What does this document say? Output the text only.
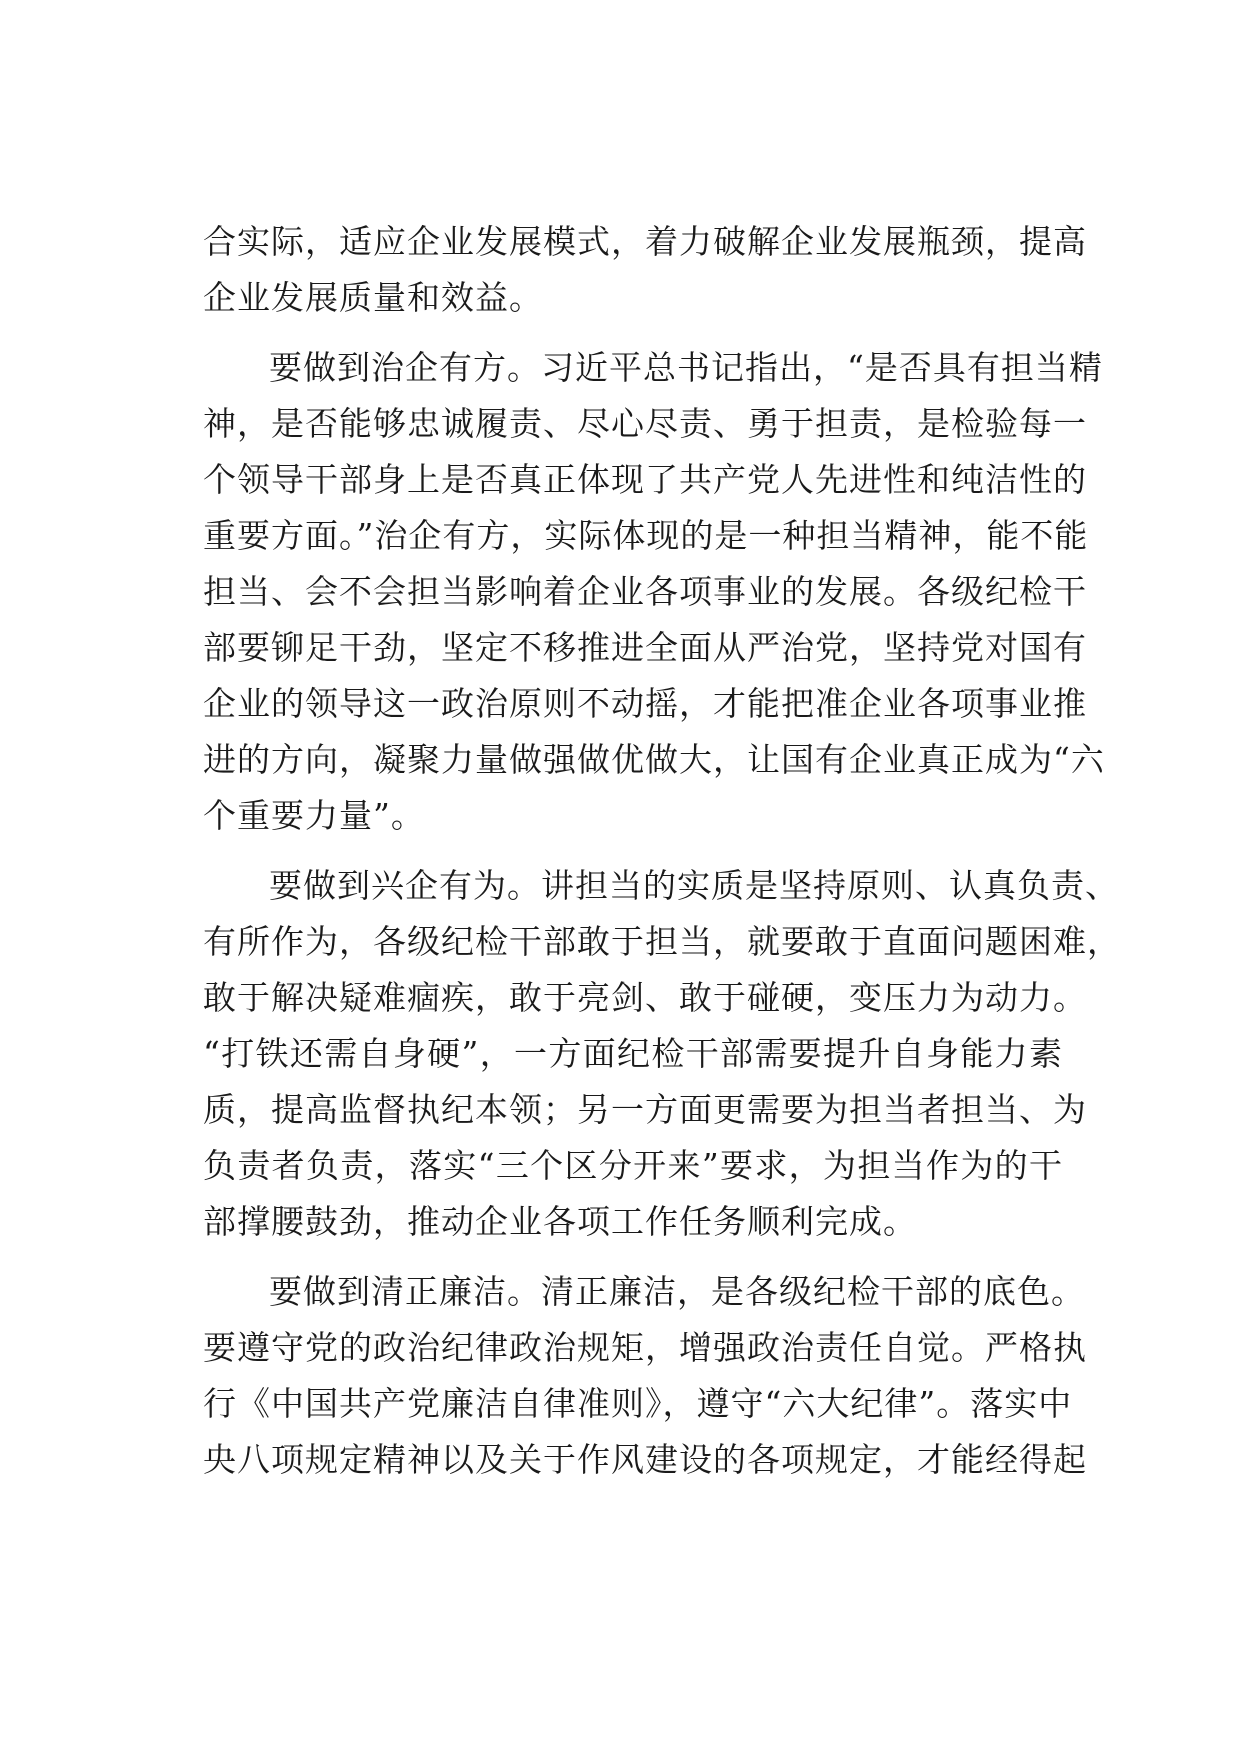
合实际，适应企业发展模式，着力破解企业发展瓶颈，提高
企业发展质量和效益。
要做到治企有方。习近平总书记指出，“是否具有担当精
神，是否能够忠诚履责、尽心尽责、勇于担责，是检验每一
个领导干部身上是否真正体现了共产党人先进性和纯洁性的
重要方面。”治企有方，实际体现的是一种担当精神，能不能
担当、会不会担当影响着企业各项事业的发展。各级纪检干
部要铆足干劲，坚定不移推进全面从严治党，坚持党对国有
企业的领导这一政治原则不动摇，才能把准企业各项事业推
进的方向，凝聚力量做强做优做大，让国有企业真正成为“六
个重要力量”。
要做到兴企有为。讲担当的实质是坚持原则、认真负责、
有所作为，各级纪检干部敢于担当，就要敢于直面问题困难，
敢于解决疑难痼疾，敢于亮剑、敢于碰硬，变压力为动力。
“打铁还需自身硬”，一方面纪检干部需要提升自身能力素
质，提高监督执纪本领；另一方面更需要为担当者担当、为
负责者负责，落实“三个区分开来”要求，为担当作为的干
部撑腰鼓劲，推动企业各项工作任务顺利完成。
要做到清正廉洁。清正廉洁，是各级纪检干部的底色。
要遵守党的政治纪律政治规矩，增强政治责任自觉。严格执
行《中国共产党廉洁自律准则》，遵守“六大纪律”。落实中
央八项规定精神以及关于作风建设的各项规定，才能经得起
